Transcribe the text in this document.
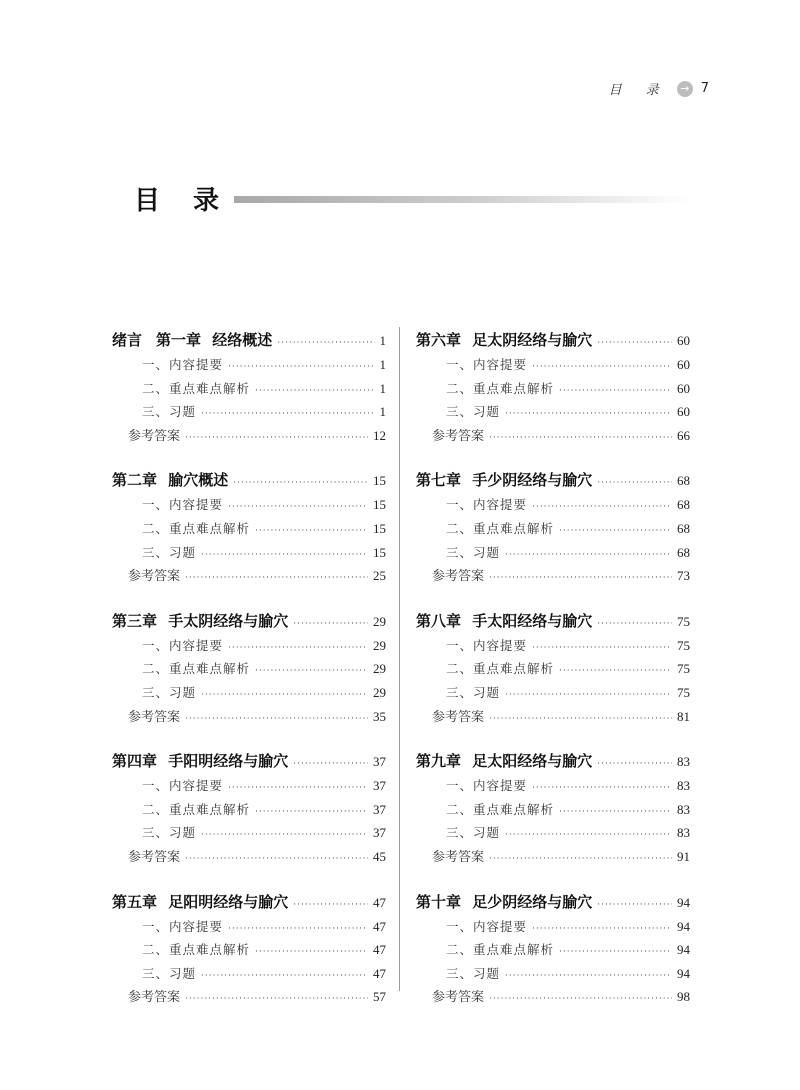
目 录	→ 7
目 录
绪言 第一章 经络概述 ·····	1
一、内容提要 ·····	1
二、重点难点解析 ·····	1
三、习题 ·····	1
参考答案 ·····	12
第二章 腧穴概述 ·····	15
一、内容提要 ·····	15
二、重点难点解析 ·····	15
三、习题 ·····	15
参考答案 ·····	25
第三章 手太阴经络与腧穴 ·····	29
一、内容提要 ·····	29
二、重点难点解析 ·····	29
三、习题 ·····	29
参考答案 ·····	35
第四章 手阳明经络与腧穴 ·····	37
一、内容提要 ·····	37
二、重点难点解析 ·····	37
三、习题 ·····	37
参考答案 ·····	45
第五章 足阳明经络与腧穴 ·····	47
一、内容提要 ·····	47
二、重点难点解析 ·····	47
三、习题 ·····	47
参考答案 ·····	57
第六章 足太阴经络与腧穴 ·····	60
一、内容提要 ·····	60
二、重点难点解析 ·····	60
三、习题 ·····	60
参考答案 ·····	66
第七章 手少阴经络与腧穴 ·····	68
一、内容提要 ·····	68
二、重点难点解析 ·····	68
三、习题 ·····	68
参考答案 ·····	73
第八章 手太阳经络与腧穴 ·····	75
一、内容提要 ·····	75
二、重点难点解析 ·····	75
三、习题 ·····	75
参考答案 ·····	81
第九章 足太阳经络与腧穴 ·····	83
一、内容提要 ·····	83
二、重点难点解析 ·····	83
三、习题 ·····	83
参考答案 ·····	91
第十章 足少阴经络与腧穴 ·····	94
一、内容提要 ·····	94
二、重点难点解析 ·····	94
三、习题 ·····	94
参考答案 ·····	98
